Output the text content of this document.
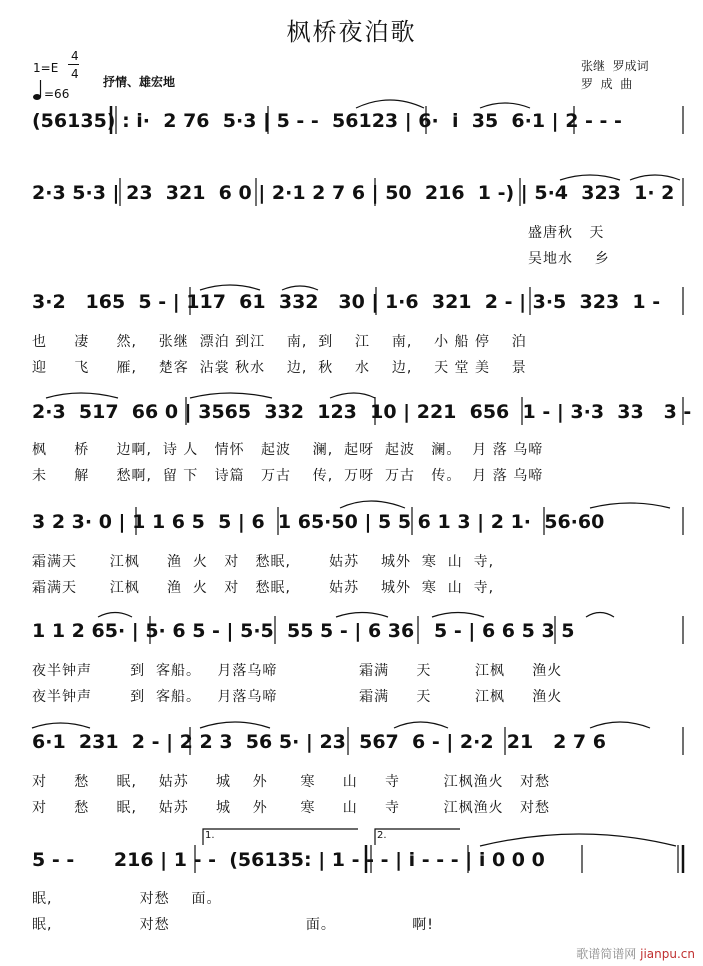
枫桥夜泊歌
张继  罗成词
罗  成  曲
1=E
4
4
=66
抒情、雄宏地
(56135) : i·  2 76  5·3 | 5 - -  56123 | 6·  i  35  6·1 | 2 - - -
2·3 5·3 | 23  321  6 0 | 2·1 2 7 6 | 50  216  1 -) | 5·4  323  1· 2
盛唐秋   天
吴地水    乡
3·2   165  5 - | 117  61  332   30 | 1·6  321  2 - | 3·5  323  1 -
也     凄     然,    张继  漂泊 到江    南,  到    江    南,    小 船 停    泊
迎     飞     雁,    楚客  沾裳 秋水    边,  秋    水    边,    天 堂 美    景
2·3  517  66 0 | 3565  332  123  10 | 221  656  1 - | 3·3  33   3 -
枫     桥     边啊,  诗 人   情怀   起波    澜,  起呀  起波   澜。  月 落 乌啼
未     解     愁啊,  留 下   诗篇   万古    传,  万呀  万古   传。  月 落 乌啼
3 2 3· 0 | 1 1 6 5  5 | 6  1 65·50 | 5 5 6 1 3 | 2 1·  56·60
霜满天      江枫     渔  火   对   愁眠,       姑苏    城外  寒  山  寺,
霜满天      江枫     渔  火   对   愁眠,       姑苏    城外  寒  山  寺,
1 1 2 65· | 5· 6 5 - | 5·5  55 5 - | 6 36   5 - | 6 6 5 3 5
夜半钟声       到  客船。   月落乌啼               霜满     天        江枫     渔火
夜半钟声       到  客船。   月落乌啼               霜满     天        江枫     渔火
6·1  231  2 - | 2 2 3  56 5· | 23  567  6 - | 2·2  21   2 7 6
对     愁     眠,    姑苏     城    外      寒     山     寺        江枫渔火   对愁
对     愁     眠,    姑苏     城    外      寒     山     寺        江枫渔火   对愁
1.	2.
5 - -      216 | 1 - -  (56135: | 1 - - - | i - - - | i 0 0 0
眠,                对愁    面。
眠,                对愁                         面。              啊!
歌谱简谱网 jianpu.cn
